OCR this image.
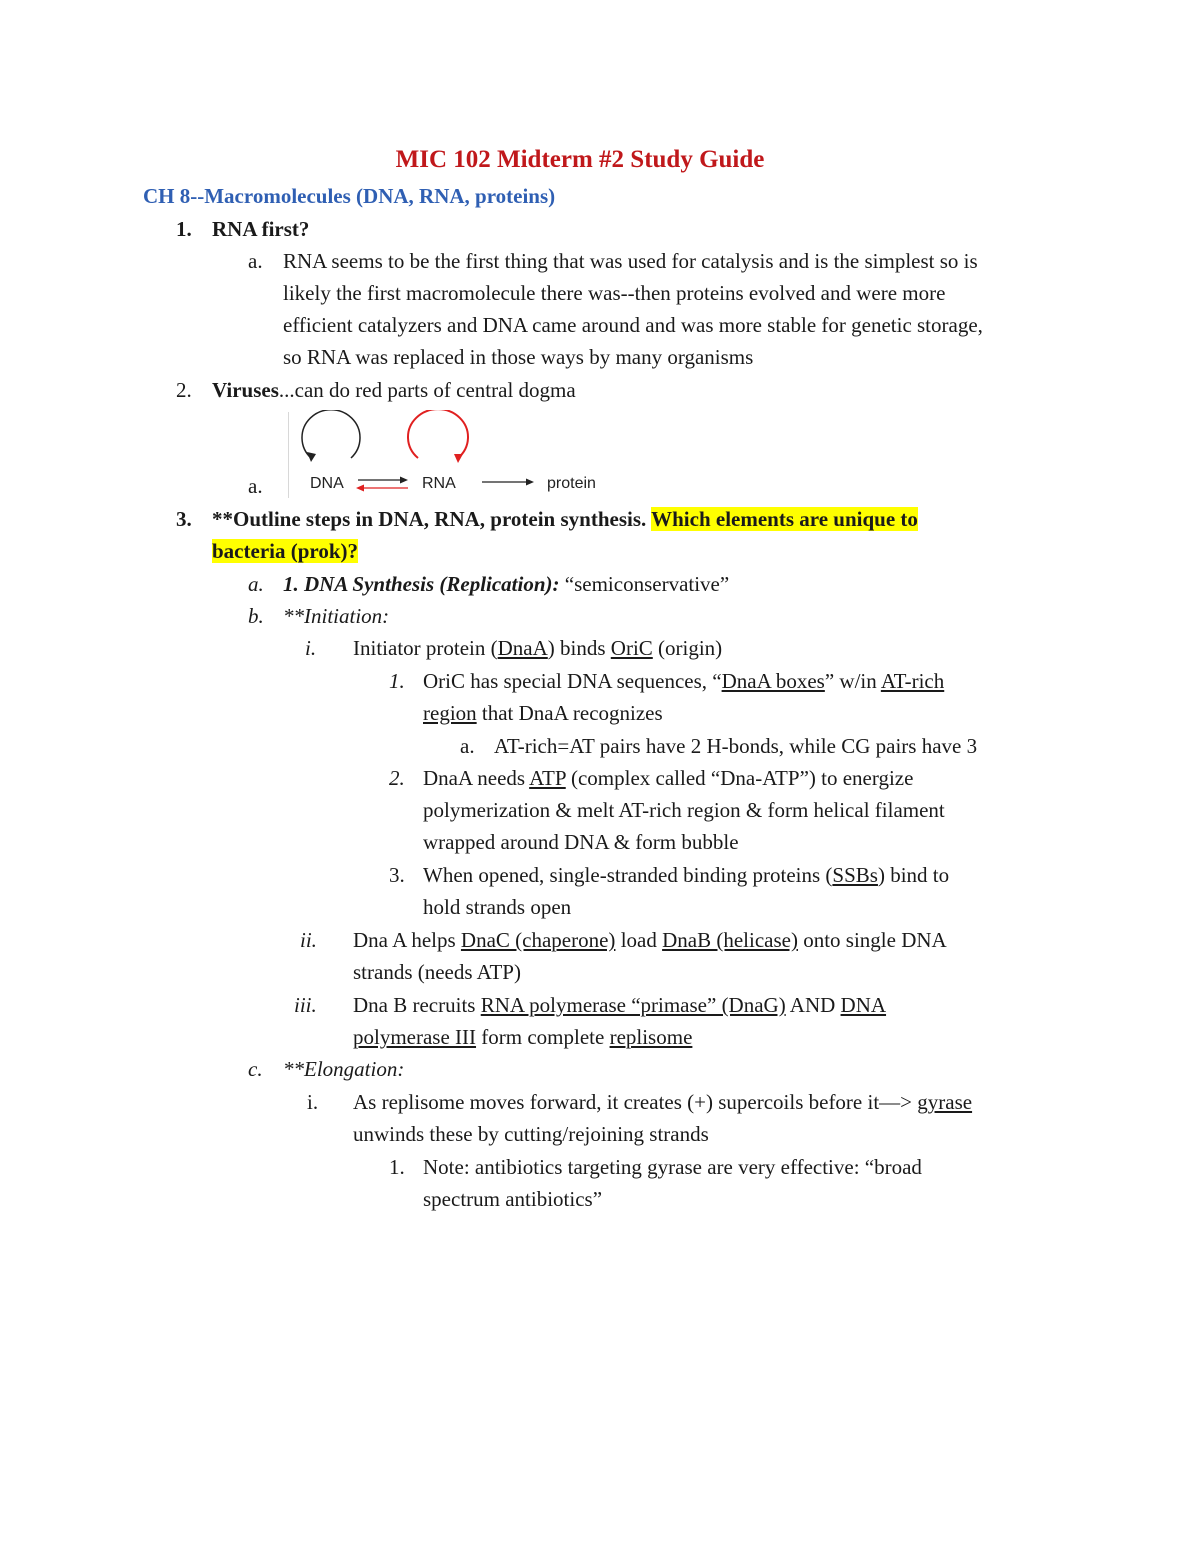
MIC 102 Midterm #2 Study Guide
CH 8--Macromolecules (DNA, RNA, proteins)
1. RNA first?
a. RNA seems to be the first thing that was used for catalysis and is the simplest so is
likely the first macromolecule there was--then proteins evolved and were more
efficient catalyzers and DNA came around and was more stable for genetic storage,
so RNA was replaced in those ways by many organisms
2. Viruses...can do red parts of central dogma
a.	DNA	RNA	protein
3. **Outline steps in DNA, RNA, protein synthesis. Which elements are unique to
bacteria (prok)?
a. 1. DNA Synthesis (Replication): “semiconservative”
b. **Initiation:
i. Initiator protein (DnaA) binds OriC (origin)
1. OriC has special DNA sequences, “DnaA boxes” w/in AT-rich
region that DnaA recognizes
a. AT-rich=AT pairs have 2 H-bonds, while CG pairs have 3
2. DnaA needs ATP (complex called “Dna-ATP”) to energize
polymerization & melt AT-rich region & form helical filament
wrapped around DNA & form bubble
3. When opened, single-stranded binding proteins (SSBs) bind to
hold strands open
ii. Dna A helps DnaC (chaperone) load DnaB (helicase) onto single DNA
strands (needs ATP)
iii. Dna B recruits RNA polymerase “primase” (DnaG) AND DNA
polymerase III form complete replisome
c. **Elongation:
i. As replisome moves forward, it creates (+) supercoils before it—> gyrase
unwinds these by cutting/rejoining strands
1. Note: antibiotics targeting gyrase are very effective: “broad
spectrum antibiotics”
